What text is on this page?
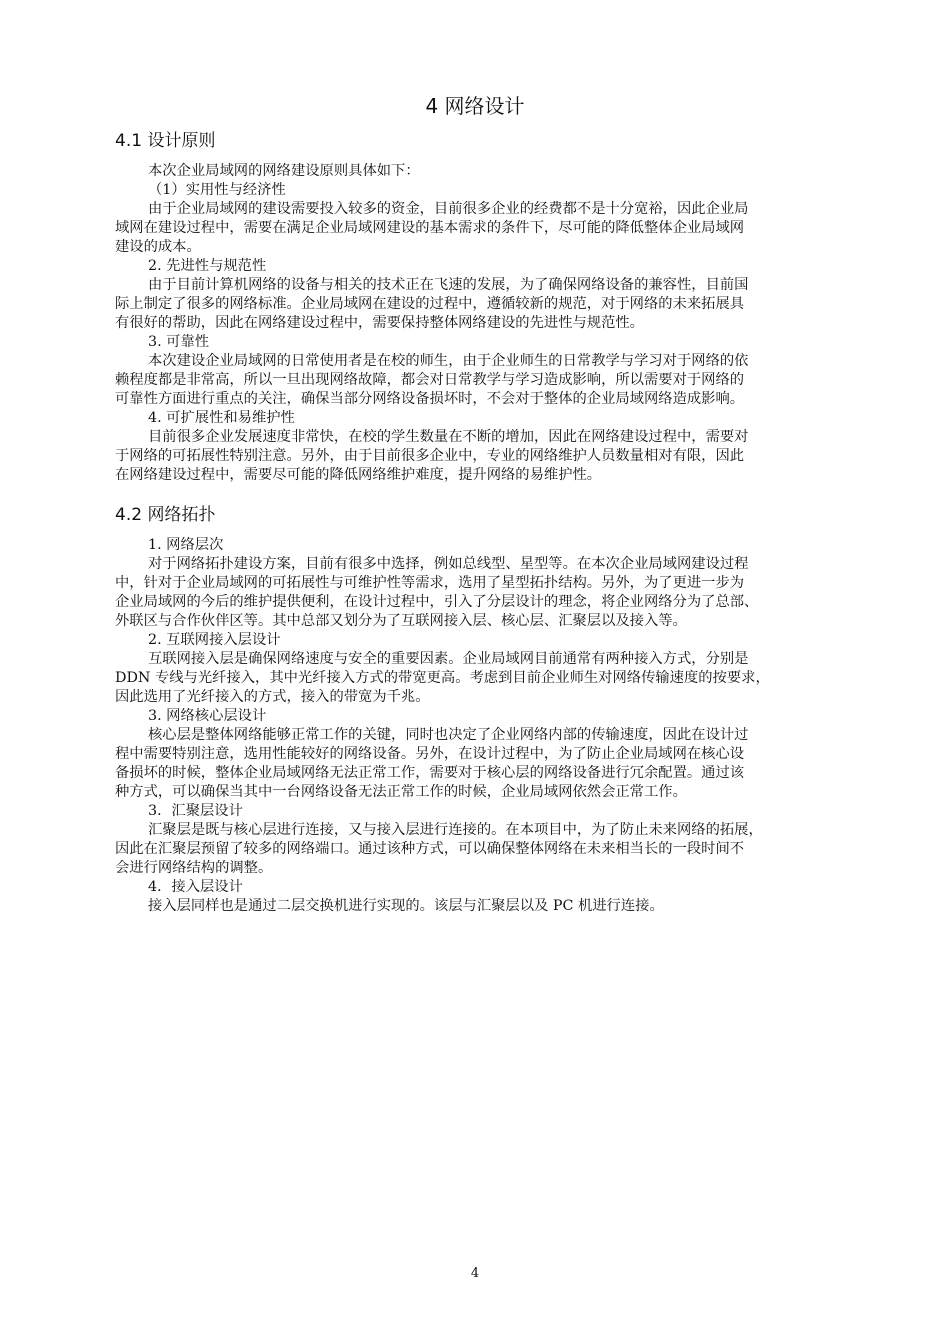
4 网络设计
4.1 设计原则
本次企业局域网的网络建设原则具体如下：
（1）实用性与经济性
由于企业局域网的建设需要投入较多的资金，目前很多企业的经费都不是十分宽裕，因此企业局
域网在建设过程中，需要在满足企业局域网建设的基本需求的条件下，尽可能的降低整体企业局域网
建设的成本。
2. 先进性与规范性
由于目前计算机网络的设备与相关的技术正在飞速的发展，为了确保网络设备的兼容性，目前国
际上制定了很多的网络标准。企业局域网在建设的过程中，遵循较新的规范，对于网络的未来拓展具
有很好的帮助，因此在网络建设过程中，需要保持整体网络建设的先进性与规范性。
3. 可靠性
本次建设企业局域网的日常使用者是在校的师生，由于企业师生的日常教学与学习对于网络的依
赖程度都是非常高，所以一旦出现网络故障，都会对日常教学与学习造成影响，所以需要对于网络的
可靠性方面进行重点的关注，确保当部分网络设备损坏时，不会对于整体的企业局域网络造成影响。
4. 可扩展性和易维护性
目前很多企业发展速度非常快，在校的学生数量在不断的增加，因此在网络建设过程中，需要对
于网络的可拓展性特别注意。另外，由于目前很多企业中，专业的网络维护人员数量相对有限，因此
在网络建设过程中，需要尽可能的降低网络维护难度，提升网络的易维护性。
4.2 网络拓扑
1. 网络层次
对于网络拓扑建设方案，目前有很多中选择，例如总线型、星型等。在本次企业局域网建设过程
中，针对于企业局域网的可拓展性与可维护性等需求，选用了星型拓扑结构。另外，为了更进一步为
企业局域网的今后的维护提供便利，在设计过程中，引入了分层设计的理念，将企业网络分为了总部、
外联区与合作伙伴区等。其中总部又划分为了互联网接入层、核心层、汇聚层以及接入等。
2. 互联网接入层设计
互联网接入层是确保网络速度与安全的重要因素。企业局域网目前通常有两种接入方式，分别是
DDN 专线与光纤接入，其中光纤接入方式的带宽更高。考虑到目前企业师生对网络传输速度的按要求，
因此选用了光纤接入的方式，接入的带宽为千兆。
3. 网络核心层设计
核心层是整体网络能够正常工作的关键，同时也决定了企业网络内部的传输速度，因此在设计过
程中需要特别注意，选用性能较好的网络设备。另外，在设计过程中，为了防止企业局域网在核心设
备损坏的时候，整体企业局域网络无法正常工作，需要对于核心层的网络设备进行冗余配置。通过该
种方式，可以确保当其中一台网络设备无法正常工作的时候，企业局域网依然会正常工作。
3．汇聚层设计
汇聚层是既与核心层进行连接，又与接入层进行连接的。在本项目中，为了防止未来网络的拓展，
因此在汇聚层预留了较多的网络端口。通过该种方式，可以确保整体网络在未来相当长的一段时间不
会进行网络结构的调整。
4．接入层设计
接入层同样也是通过二层交换机进行实现的。该层与汇聚层以及 PC 机进行连接。
4
